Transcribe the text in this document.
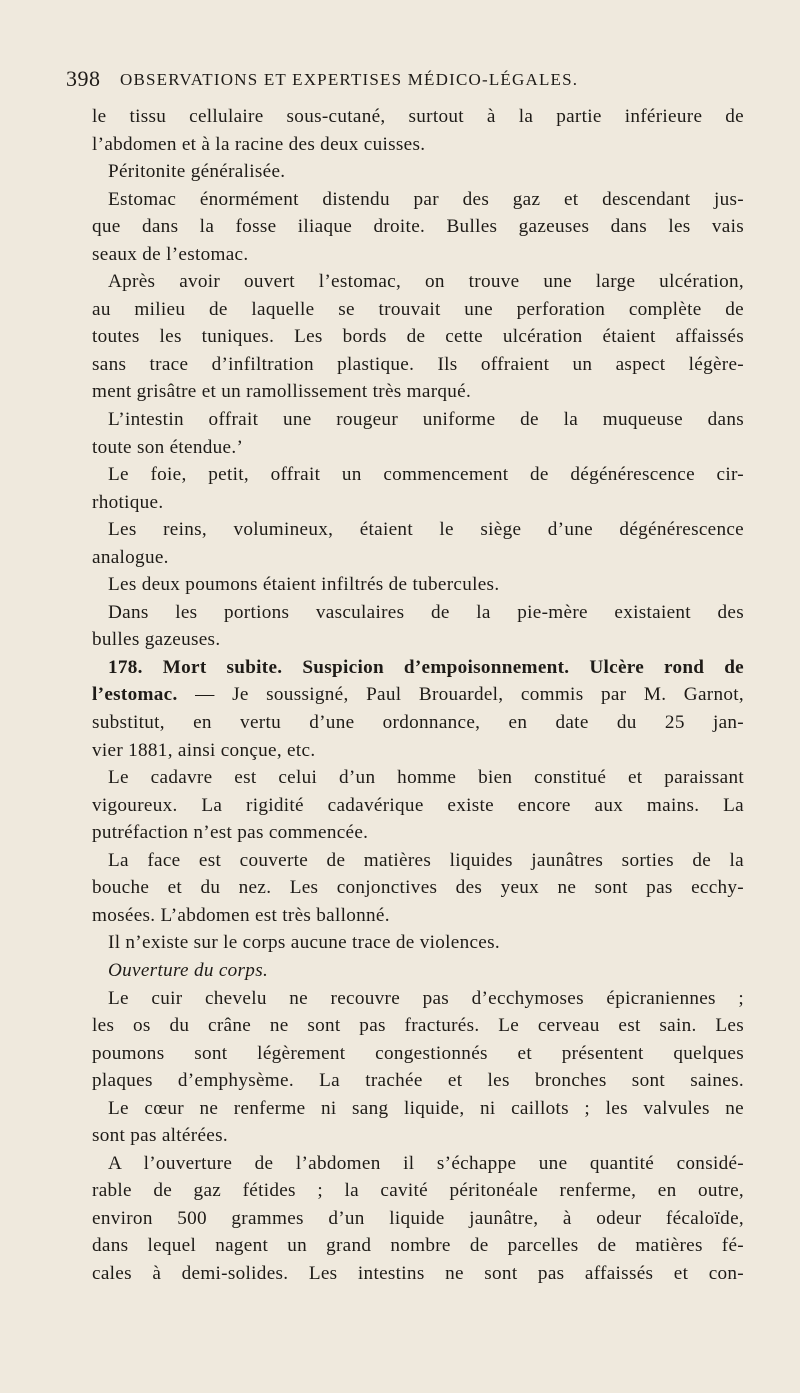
398 OBSERVATIONS ET EXPERTISES MÉDICO-LÉGALES.
le tissu cellulaire sous-cutané, surtout à la partie inférieure de
l’abdomen et à la racine des deux cuisses.
Péritonite généralisée.
Estomac énormément distendu par des gaz et descendant jus-
que dans la fosse iliaque droite. Bulles gazeuses dans les vais
seaux de l’estomac.
Après avoir ouvert l’estomac, on trouve une large ulcération,
au milieu de laquelle se trouvait une perforation complète de
toutes les tuniques. Les bords de cette ulcération étaient affaissés
sans trace d’infiltration plastique. Ils offraient un aspect légère-
ment grisâtre et un ramollissement très marqué.
L’intestin offrait une rougeur uniforme de la muqueuse dans
toute son étendue.’
Le foie, petit, offrait un commencement de dégénérescence cir-
rhotique.
Les reins, volumineux, étaient le siège d’une dégénérescence
analogue.
Les deux poumons étaient infiltrés de tubercules.
Dans les portions vasculaires de la pie-mère existaient des
bulles gazeuses.
178. Mort subite. Suspicion d’empoisonnement. Ulcère rond de
l’estomac. — Je soussigné, Paul Brouardel, commis par M. Garnot,
substitut, en vertu d’une ordonnance, en date du 25 jan-
vier 1881, ainsi conçue, etc.
Le cadavre est celui d’un homme bien constitué et paraissant
vigoureux. La rigidité cadavérique existe encore aux mains. La
putréfaction n’est pas commencée.
La face est couverte de matières liquides jaunâtres sorties de la
bouche et du nez. Les conjonctives des yeux ne sont pas ecchy-
mosées. L’abdomen est très ballonné.
Il n’existe sur le corps aucune trace de violences.
Ouverture du corps.
Le cuir chevelu ne recouvre pas d’ecchymoses épicraniennes ;
les os du crâne ne sont pas fracturés. Le cerveau est sain. Les
poumons sont légèrement congestionnés et présentent quelques
plaques d’emphysème. La trachée et les bronches sont saines.
Le cœur ne renferme ni sang liquide, ni caillots ; les valvules ne
sont pas altérées.
A l’ouverture de l’abdomen il s’échappe une quantité considé-
rable de gaz fétides ; la cavité péritonéale renferme, en outre,
environ 500 grammes d’un liquide jaunâtre, à odeur fécaloïde,
dans lequel nagent un grand nombre de parcelles de matières fé-
cales à demi-solides. Les intestins ne sont pas affaissés et con-
